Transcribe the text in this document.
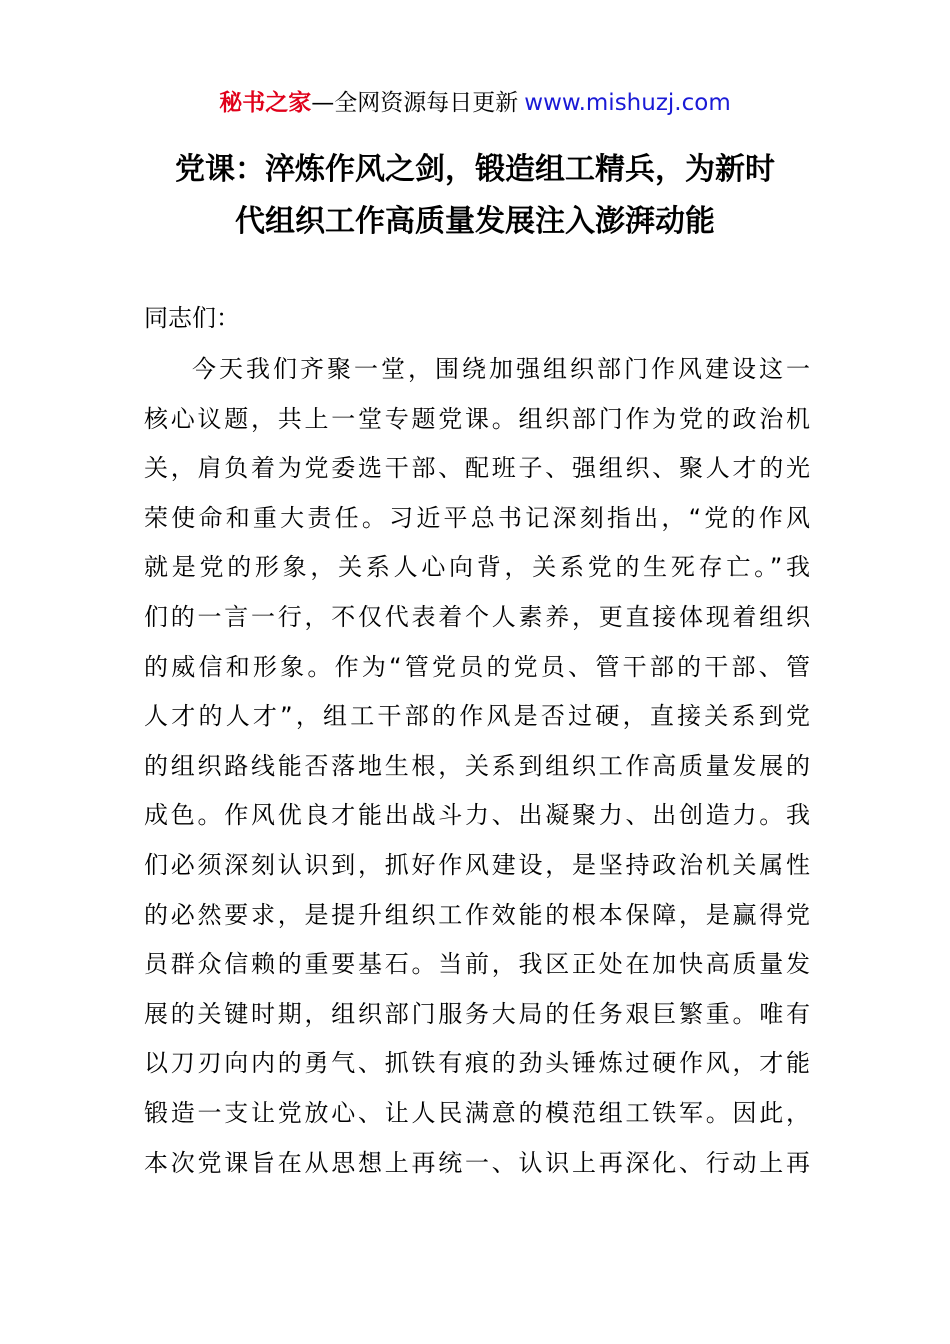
秘书之家—全网资源每日更新 www.mishuzj.com
党课：淬炼作风之剑，锻造组工精兵，为新时
代组织工作高质量发展注入澎湃动能

同志们：

今天我们齐聚一堂，围绕加强组织部门作风建设这一
核心议题，共上一堂专题党课。组织部门作为党的政治机
关，肩负着为党委选干部、配班子、强组织、聚人才的光
荣使命和重大责任。习近平总书记深刻指出，“党的作风
就是党的形象，关系人心向背，关系党的生死存亡。”我
们的一言一行，不仅代表着个人素养，更直接体现着组织
的威信和形象。作为“管党员的党员、管干部的干部、管
人才的人才”，组工干部的作风是否过硬，直接关系到党
的组织路线能否落地生根，关系到组织工作高质量发展的
成色。作风优良才能出战斗力、出凝聚力、出创造力。我
们必须深刻认识到，抓好作风建设，是坚持政治机关属性
的必然要求，是提升组织工作效能的根本保障，是赢得党
员群众信赖的重要基石。当前，我区正处在加快高质量发
展的关键时期，组织部门服务大局的任务艰巨繁重。唯有
以刀刃向内的勇气、抓铁有痕的劲头锤炼过硬作风，才能
锻造一支让党放心、让人民满意的模范组工铁军。因此，
本次党课旨在从思想上再统一、认识上再深化、行动上再
